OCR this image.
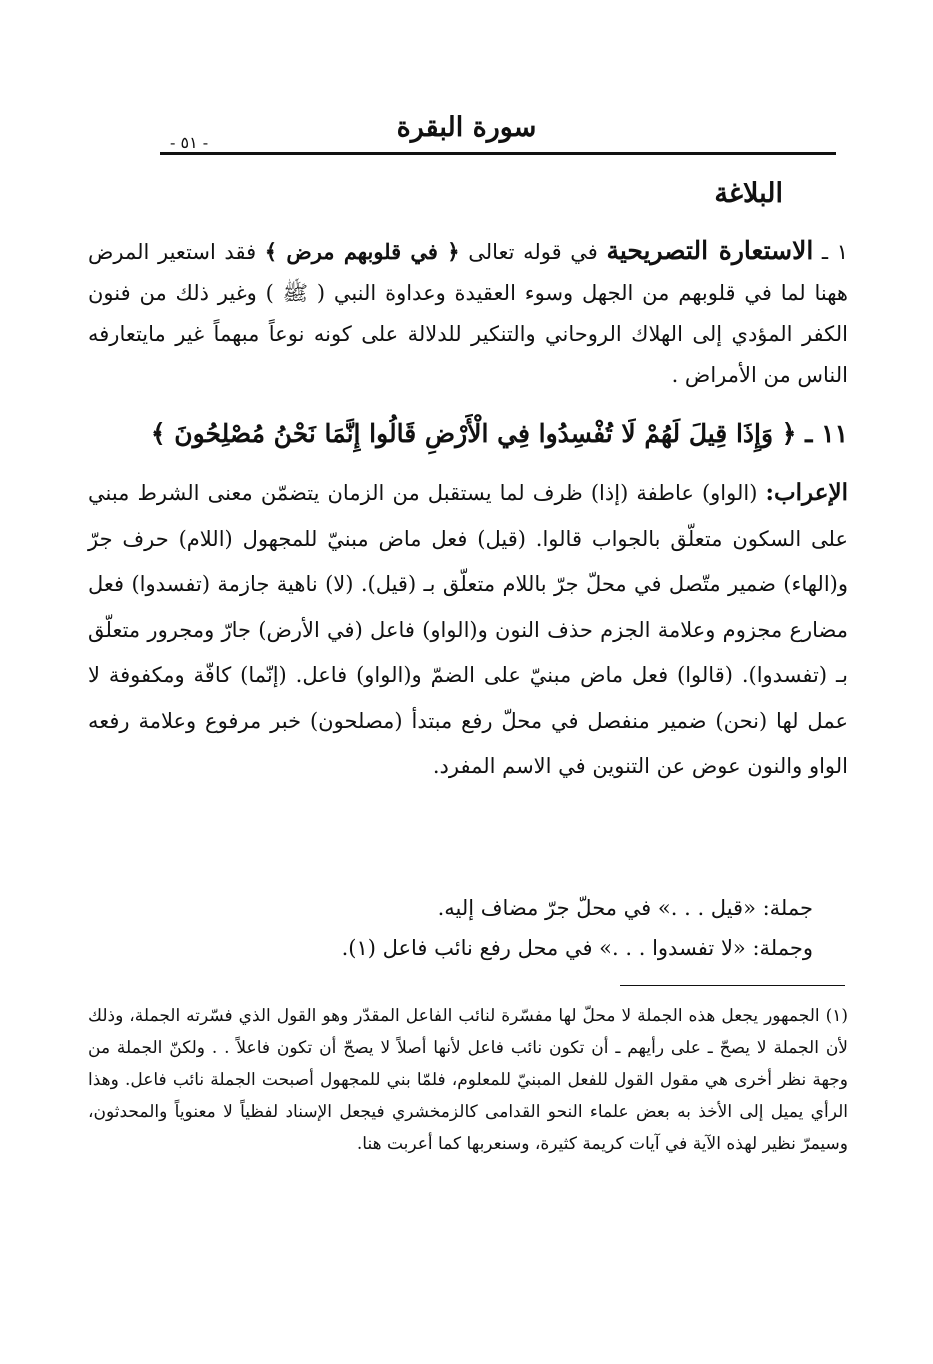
سورة البقرة
- ٥١ -
البلاغة
١ ـ الاستعارة التصريحية في قوله تعالى ﴿ في قلوبهم مرض ﴾ فقد استعير المرض ههنا لما في قلوبهم من الجهل وسوء العقيدة وعداوة النبي ( ﷺ ) وغير ذلك من فنون الكفر المؤدي إلى الهلاك الروحاني والتنكير للدلالة على كونه نوعاً مبهماً غير مايتعارفه الناس من الأمراض .
١١ ـ ﴿ وَإِذَا قِيلَ لَهُمْ لَا تُفْسِدُوا فِي الْأَرْضِ قَالُوا إِنَّمَا نَحْنُ مُصْلِحُونَ ﴾
الإعراب: (الواو) عاطفة (إذا) ظرف لما يستقبل من الزمان يتضمّن معنى الشرط مبني على السكون متعلّق بالجواب قالوا. (قيل) فعل ماض مبنيّ للمجهول (اللام) حرف جرّ و(الهاء) ضمير متّصل في محلّ جرّ باللام متعلّق بـ (قيل). (لا) ناهية جازمة (تفسدوا) فعل مضارع مجزوم وعلامة الجزم حذف النون و(الواو) فاعل (في الأرض) جارّ ومجرور متعلّق بـ (تفسدوا). (قالوا) فعل ماض مبنيّ على الضمّ و(الواو) فاعل. (إنّما) كافّة ومكفوفة لا عمل لها (نحن) ضمير منفصل في محلّ رفع مبتدأ (مصلحون) خبر مرفوع وعلامة رفعه الواو والنون عوض عن التنوين في الاسم المفرد.
جملة: «قيل . . .» في محلّ جرّ مضاف إليه.
وجملة: «لا تفسدوا . . .» في محل رفع نائب فاعل (١).
(١) الجمهور يجعل هذه الجملة لا محلّ لها مفسّرة لنائب الفاعل المقدّر وهو القول الذي فسّرته الجملة، وذلك لأن الجملة لا يصحّ ـ على رأيهم ـ أن تكون نائب فاعل لأنها أصلاً لا يصحّ أن تكون فاعلاً . . ولكنّ الجملة من وجهة نظر أخرى هي مقول القول للفعل المبنيّ للمعلوم، فلمّا بني للمجهول أصبحت الجملة نائب فاعل. وهذا الرأي يميل إلى الأخذ به بعض علماء النحو القدامى كالزمخشري فيجعل الإسناد لفظياً لا معنوياً والمحدثون، وسيمرّ نظير لهذه الآية في آيات كريمة كثيرة، وسنعربها كما أعربت هنا.
